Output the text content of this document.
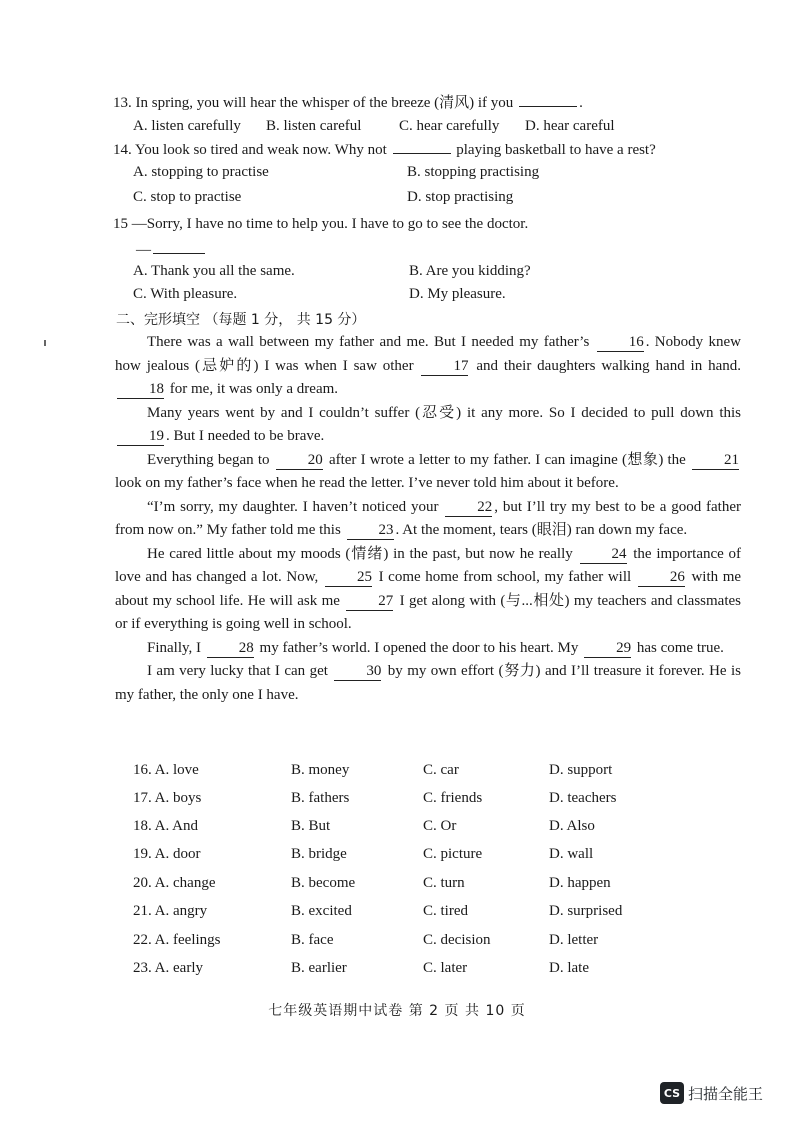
13. In spring, you will hear the whisper of the breeze (清风) if you	.
A. listen carefully B. listen careful	C. hear carefully D. hear careful
14. You look so tired and weak now. Why not	playing basketball to have a rest?
A. stopping to practise	B. stopping practising
C. stop to practise	D. stop practising
15 —Sorry, I have no time to help you. I have to go to see the doctor.
—
A. Thank you all the same.	B. Are you kidding?
C. With pleasure.	D. My pleasure.
二、完形填空 （每题 1 分， 共 15 分）

There was a wall between my father and me. But I needed my father’s	16 . Nobody knew how jealous (忌妒的) I was when I saw other	17 and their daughters walking hand in hand. 18 for me, it was only a dream.

Many years went by and I couldn’t suffer (忍受) it any more. So I decided to pull down this 19 . But I needed to be brave.

Everything began to	20 after I wrote a letter to my father. I can imagine (想象) the	21 look on my father’s face when he read the letter. I’ve never told him about it before.

“I’m sorry, my daughter. I haven’t noticed your	22 , but I’ll try my best to be a good father from now on.” My father told me this	23 . At the moment, tears (眼泪) ran down my face.

He cared little about my moods (情绪) in the past, but now he really	24 the importance of love and has changed a lot. Now,	25 I come home from school, my father will	26 with me about my school life. He will ask me	27 I get along with (与...相处) my teachers and classmates or if everything is going well in school.

Finally, I	28 my father’s world. I opened the door to his heart. My	29 has come true.

I am very lucky that I can get	30 by my own effort (努力) and I’ll treasure it forever. He is my father, the only one I have.

16. A. love	B. money	C. car	D. support
17. A. boys	B. fathers	C. friends	D. teachers
18. A. And	B. But	C. Or	D. Also
19. A. door	B. bridge	C. picture	D. wall
20. A. change	B. become	C. turn	D. happen
21. A. angry	B. excited	C. tired	D. surprised
22. A. feelings	B. face	C. decision	D. letter
23. A. early	B. earlier	C. later	D. late
七年级英语期中试卷 第 2 页 共 10 页
CS 扫描全能王
